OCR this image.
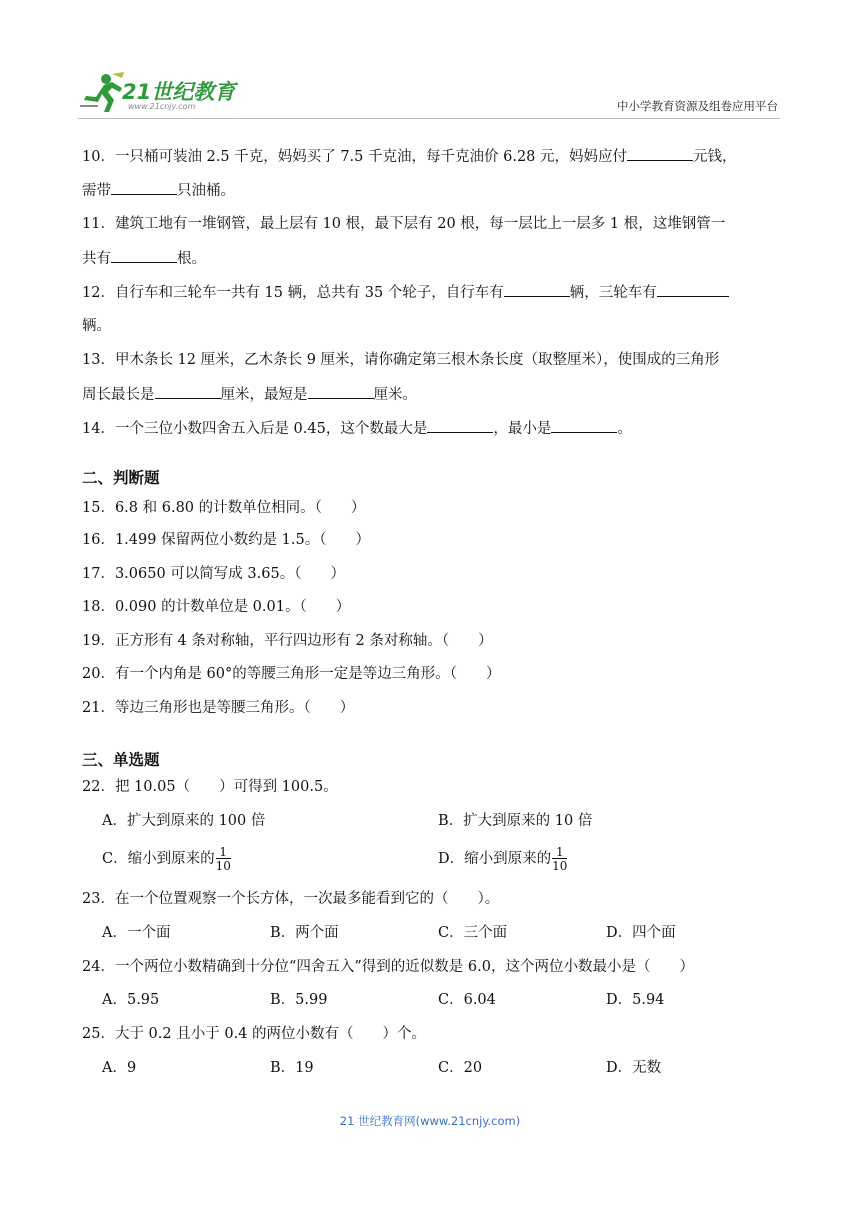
21世纪教育
www.21cnjy.com	中小学教育资源及组卷应用平台
10．一只桶可装油 2.5 千克，妈妈买了 7.5 千克油，每千克油价 6.28 元，妈妈应付	元钱，
需带	只油桶。
11．建筑工地有一堆钢管，最上层有 10 根，最下层有 20 根，每一层比上一层多 1 根，这堆钢管一
共有	根。
12．自行车和三轮车一共有 15 辆，总共有 35 个轮子，自行车有	辆，三轮车有
辆。
13．甲木条长 12 厘米，乙木条长 9 厘米，请你确定第三根木条长度（取整厘米），使围成的三角形
周长最长是	厘米，最短是	厘米。
14．一个三位小数四舍五入后是 0.45，这个数最大是	，最小是	。
二、判断题
15．6.8 和 6.80 的计数单位相同。（　　）
16．1.499 保留两位小数约是 1.5。（　　）
17．3.0650 可以简写成 3.65。（　　）
18．0.090 的计数单位是 0.01。（　　）
19．正方形有 4 条对称轴，平行四边形有 2 条对称轴。（　　）
20．有一个内角是 60°的等腰三角形一定是等边三角形。（　　）
21．等边三角形也是等腰三角形。（　　）
三、单选题
22．把 10.05（　　）可得到 100.5。
A．扩大到原来的 100 倍	B．扩大到原来的 10 倍
C．缩小到原来的 $\frac{1}{10}$	D．缩小到原来的 $\frac{1}{10}$
23．在一个位置观察一个长方体，一次最多能看到它的（　　）。
A．一个面	B．两个面	C．三个面	D．四个面
24．一个两位小数精确到十分位“四舍五入”得到的近似数是 6.0，这个两位小数最小是（　　）
A．5.95	B．5.99	C．6.04	D．5.94
25．大于 0.2 且小于 0.4 的两位小数有（　　）个。
A．9	B．19	C．20	D．无数
21 世纪教育网(www.21cnjy.com)
